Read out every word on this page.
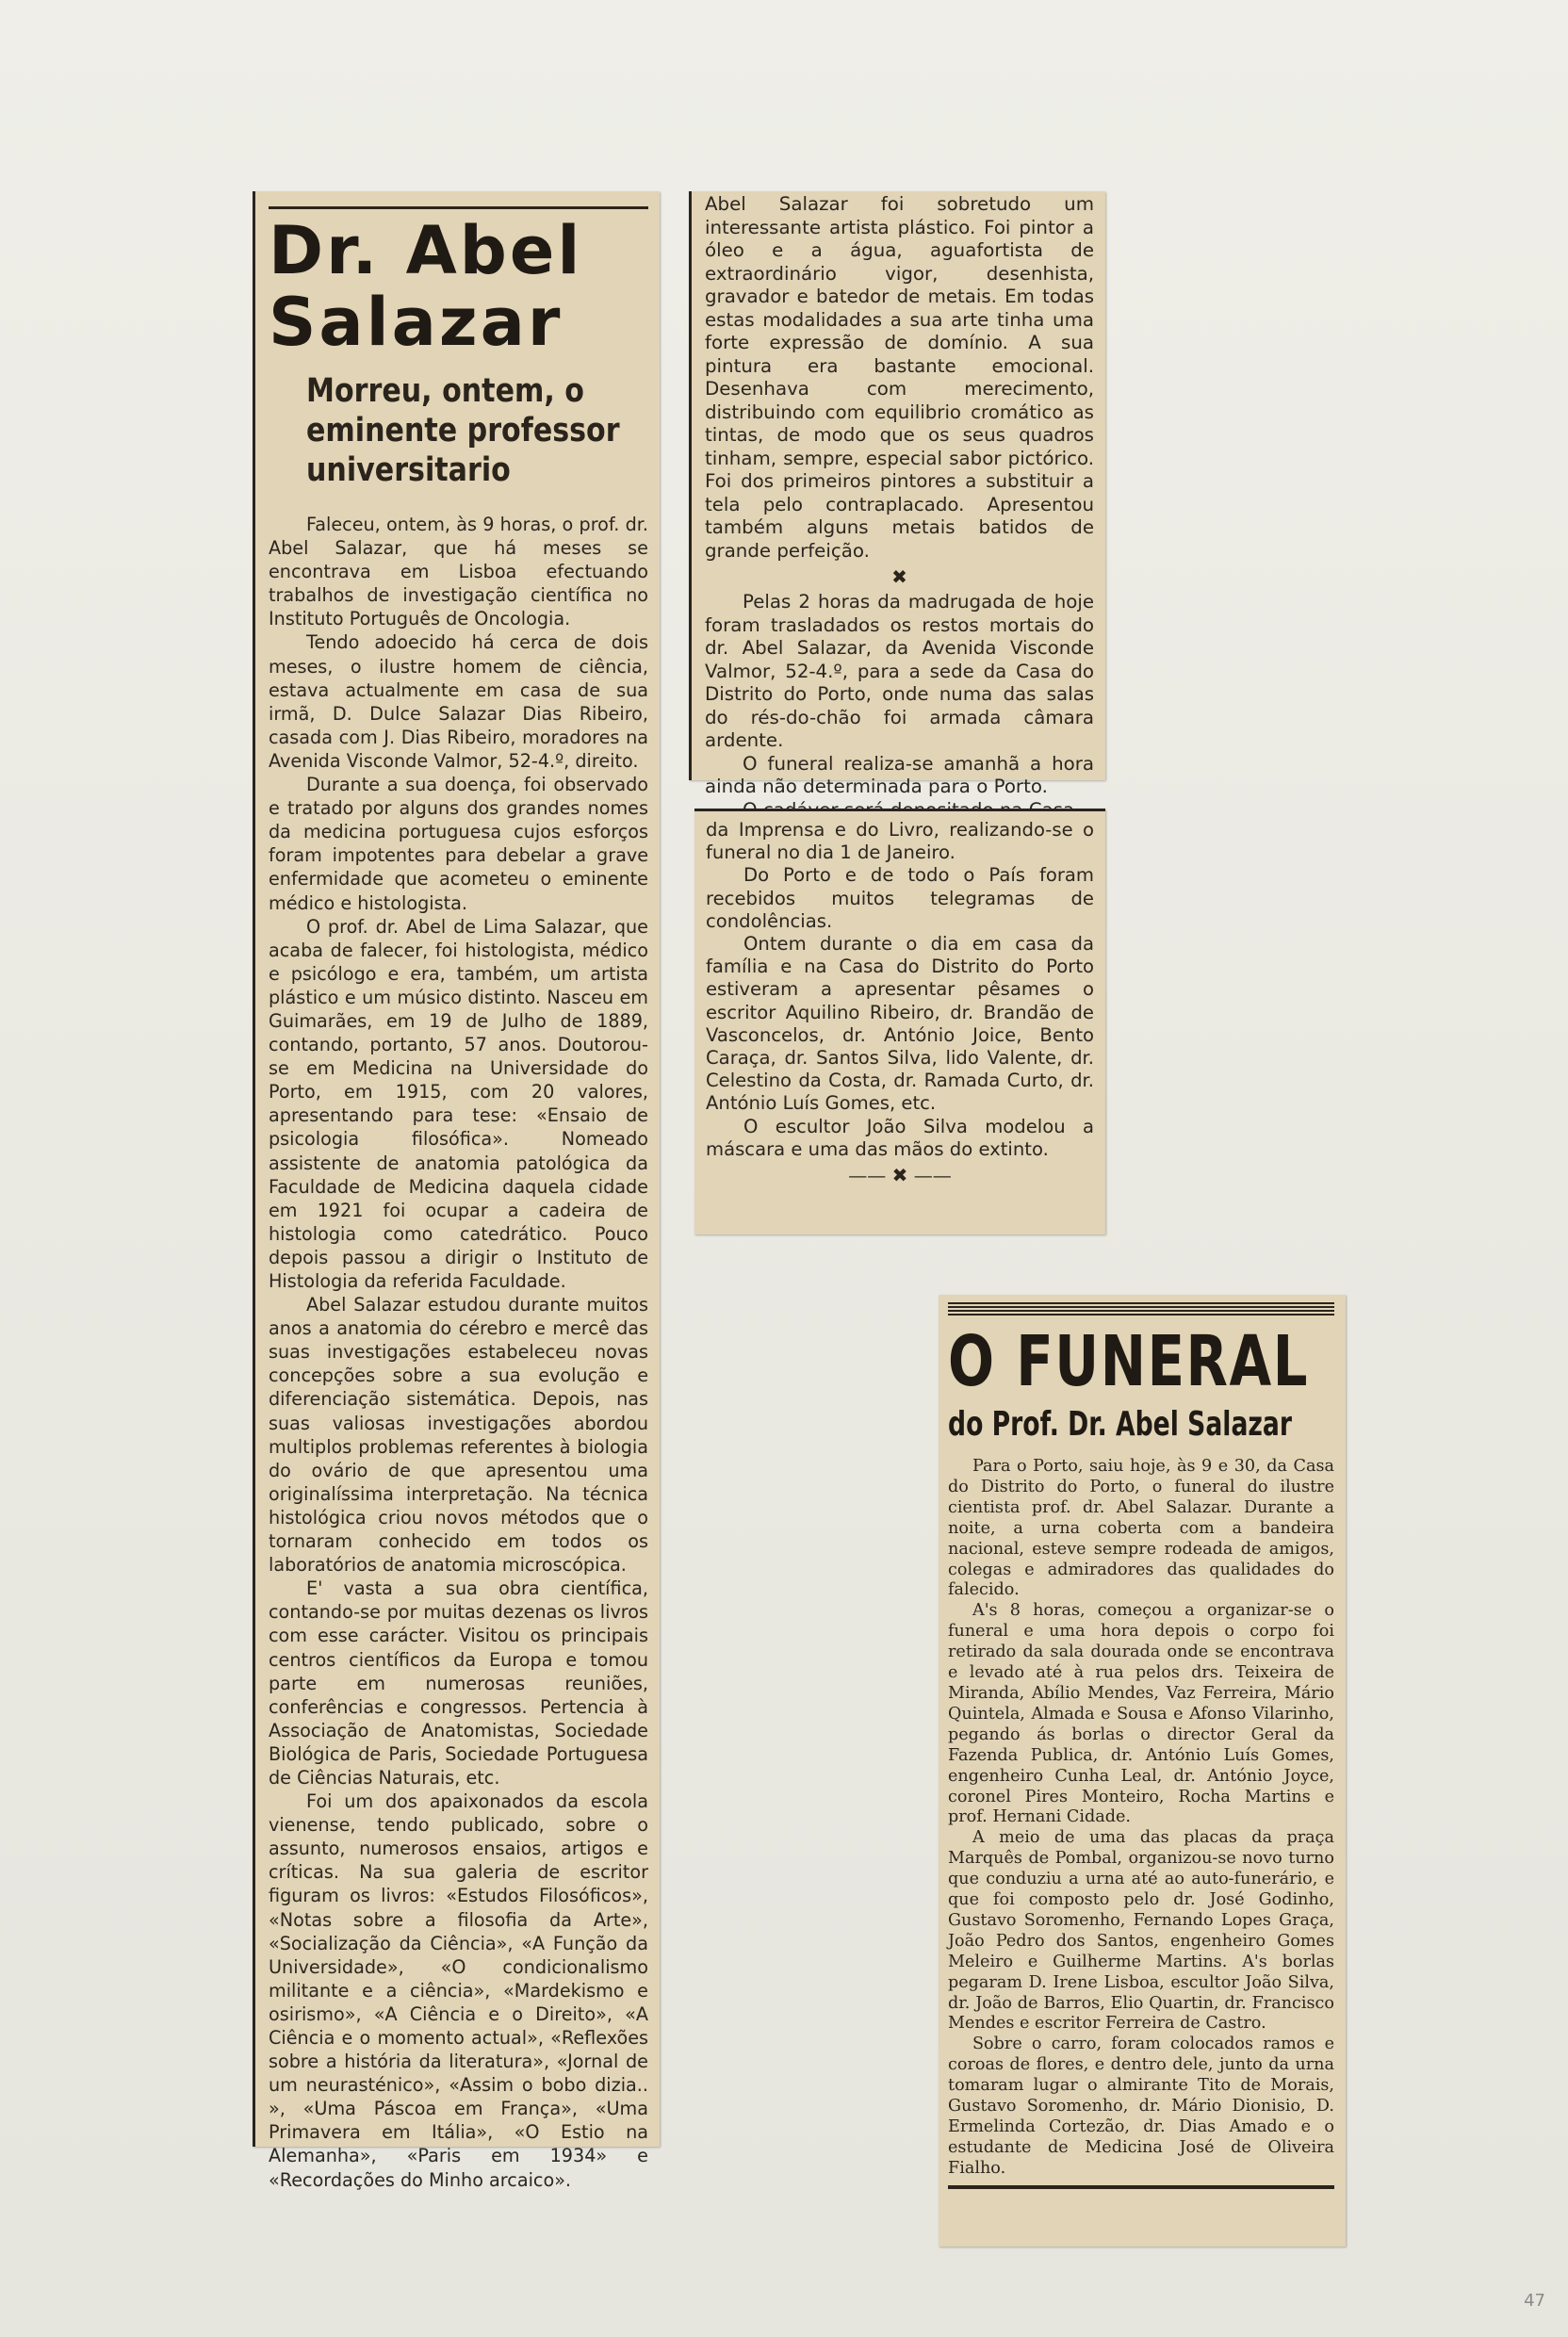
Dr. Abel Salazar
Morreu, ontem, o eminente professor universitario

Faleceu, ontem, às 9 horas, o prof. dr. Abel Salazar, que há meses se encontrava em Lisboa efectuando trabalhos de investigação científica no Instituto Português de Oncologia.

Tendo adoecido há cerca de dois meses, o ilustre homem de ciência, estava actualmente em casa de sua irmã, D. Dulce Salazar Dias Ribeiro, casada com J. Dias Ribeiro, moradores na Avenida Visconde Valmor, 52-4.º, direito.

Durante a sua doença, foi observado e tratado por alguns dos grandes nomes da medicina portuguesa cujos esforços foram impotentes para debelar a grave enfermidade que acometeu o eminente médico e histologista.

O prof. dr. Abel de Lima Salazar, que acaba de falecer, foi histologista, médico e psicólogo e era, também, um artista plástico e um músico distinto. Nasceu em Guimarães, em 19 de Julho de 1889, contando, portanto, 57 anos. Doutorou-se em Medicina na Universidade do Porto, em 1915, com 20 valores, apresentando para tese: «Ensaio de psicologia filosófica». Nomeado assistente de anatomia patológica da Faculdade de Medicina daquela cidade em 1921 foi ocupar a cadeira de histologia como catedrático. Pouco depois passou a dirigir o Instituto de Histologia da referida Faculdade.

Abel Salazar estudou durante muitos anos a anatomia do cérebro e mercê das suas investigações estabeleceu novas concepções sobre a sua evolução e diferenciação sistemática. Depois, nas suas valiosas investigações abordou multiplos problemas referentes à biologia do ovário de que apresentou uma originalíssima interpretação. Na técnica histológica criou novos métodos que o tornaram conhecido em todos os laboratórios de anatomia microscópica.

E' vasta a sua obra científica, contando-se por muitas dezenas os livros com esse carácter. Visitou os principais centros científicos da Europa e tomou parte em numerosas reuniões, conferências e congressos. Pertencia à Associação de Anatomistas, Sociedade Biológica de Paris, Sociedade Portuguesa de Ciências Naturais, etc.

Foi um dos apaixonados da escola vienense, tendo publicado, sobre o assunto, numerosos ensaios, artigos e críticas. Na sua galeria de escritor figuram os livros: «Estudos Filosóficos», «Notas sobre a filosofia da Arte», «Socialização da Ciência», «A Função da Universidade», «O condicionalismo militante e a ciência», «Mardekismo e osirismo», «A Ciência e o Direito», «A Ciência e o momento actual», «Reflexões sobre a história da literatura», «Jornal de um neurasténico», «Assim o bobo dizia.. », «Uma Páscoa em França», «Uma Primavera em Itália», «O Estio na Alemanha», «Paris em 1934» e «Recordações do Minho arcaico».

Abel Salazar foi sobretudo um interessante artista plástico. Foi pintor a óleo e a água, aguafortista de extraordinário vigor, desenhista, gravador e batedor de metais. Em todas estas modalidades a sua arte tinha uma forte expressão de domínio. A sua pintura era bastante emocional. Desenhava com merecimento, distribuindo com equilibrio cromático as tintas, de modo que os seus quadros tinham, sempre, especial sabor pictórico. Foi dos primeiros pintores a substituir a tela pelo contraplacado. Apresentou também alguns metais batidos de grande perfeição.

✖

Pelas 2 horas da madrugada de hoje foram trasladados os restos mortais do dr. Abel Salazar, da Avenida Visconde Valmor, 52-4.º, para a sede da Casa do Distrito do Porto, onde numa das salas do rés-do-chão foi armada câmara ardente.

O funeral realiza-se amanhã a hora ainda não determinada para o Porto.

da Imprensa e do Livro, realizando-se o funeral no dia 1 de Janeiro.

Do Porto e de todo o País foram recebidos muitos telegramas de condolências.

Ontem durante o dia em casa da família e na Casa do Distrito do Porto estiveram a apresentar pêsames o escritor Aquilino Ribeiro, dr. Brandão de Vasconcelos, dr. António Joice, Bento Caraça, dr. Santos Silva, lido Valente, dr. Celestino da Costa, dr. Ramada Curto, dr. António Luís Gomes, etc.

O escultor João Silva modelou a máscara e uma das mãos do extinto.

—— ✖ ——
O FUNERAL
do Prof. Dr. Abel Salazar

Para o Porto, saiu hoje, às 9 e 30, da Casa do Distrito do Porto, o funeral do ilustre cientista prof. dr. Abel Salazar. Durante a noite, a urna coberta com a bandeira nacional, esteve sempre rodeada de amigos, colegas e admiradores das qualidades do falecido.

A's 8 horas, começou a organizar-se o funeral e uma hora depois o corpo foi retirado da sala dourada onde se encontrava e levado até à rua pelos drs. Teixeira de Miranda, Abílio Mendes, Vaz Ferreira, Mário Quintela, Almada e Sousa e Afonso Vilarinho, pegando ás borlas o director Geral da Fazenda Publica, dr. António Luís Gomes, engenheiro Cunha Leal, dr. António Joyce, coronel Pires Monteiro, Rocha Martins e prof. Hernani Cidade.

A meio de uma das placas da praça Marquês de Pombal, organizou-se novo turno que conduziu a urna até ao auto-funerário, e que foi composto pelo dr. José Godinho, Gustavo Soromenho, Fernando Lopes Graça, João Pedro dos Santos, engenheiro Gomes Meleiro e Guilherme Martins. A's borlas pegaram D. Irene Lisboa, escultor João Silva, dr. João de Barros, Elio Quartin, dr. Francisco Mendes e escritor Ferreira de Castro.

Sobre o carro, foram colocados ramos e coroas de flores, e dentro dele, junto da urna tomaram lugar o almirante Tito de Morais, Gustavo Soromenho, dr. Mário Dionisio, D. Ermelinda Cortezão, dr. Dias Amado e o estudante de Medicina José de Oliveira Fialho.

47
